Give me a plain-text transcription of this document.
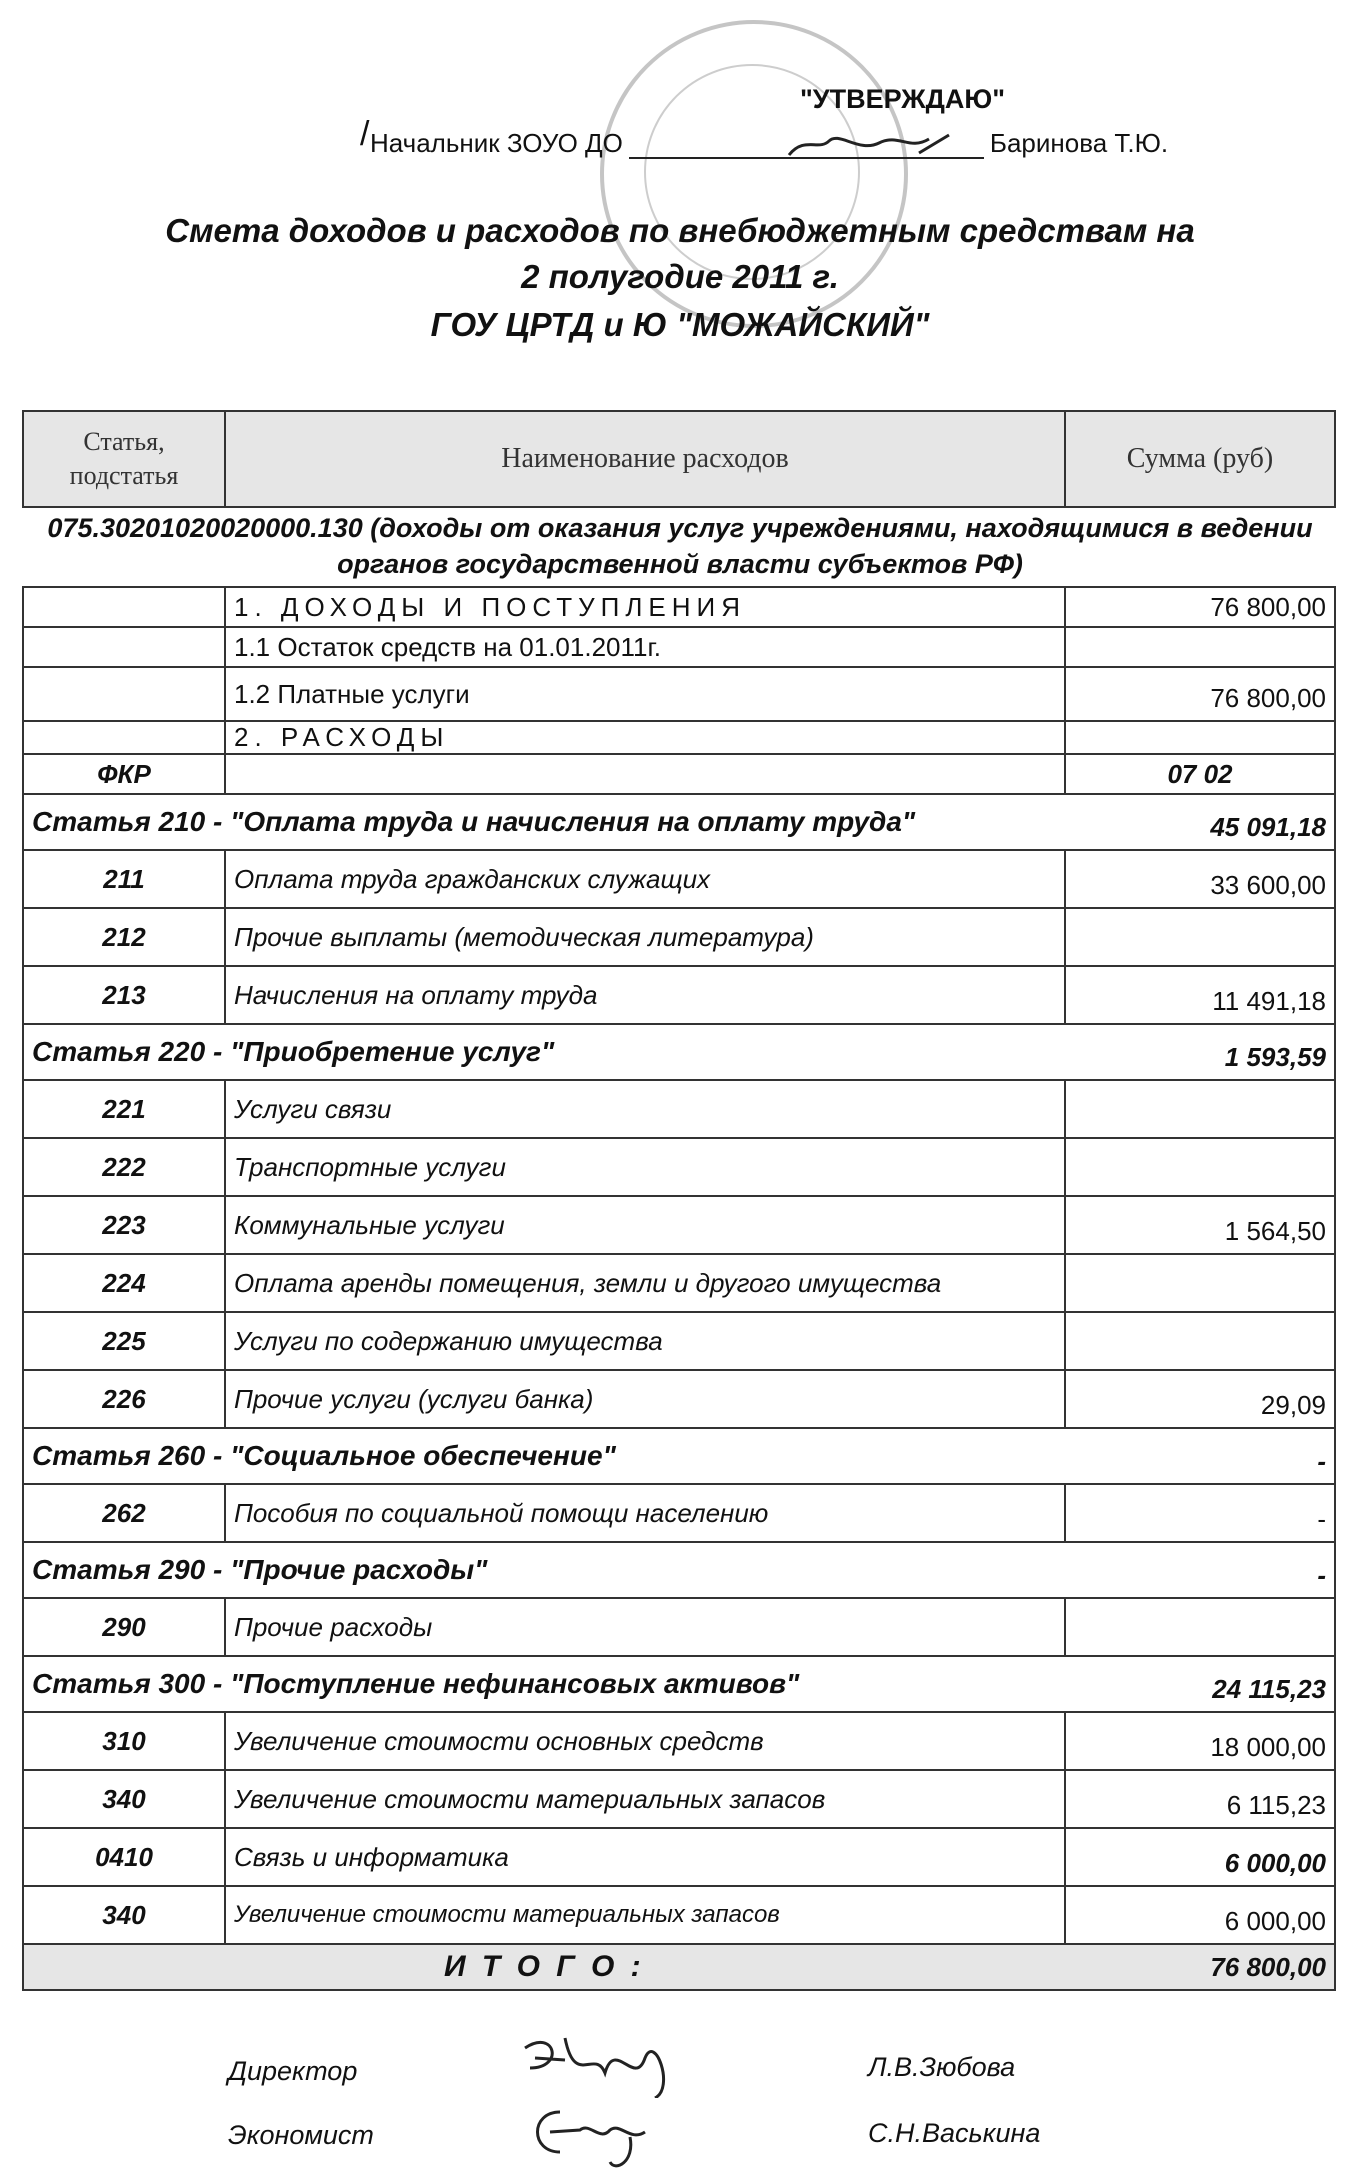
"УТВЕРЖДАЮ"
/ Начальник ЗОУО ДО	Баринова Т.Ю.
Смета доходов и расходов по внебюджетным средствам на
2 полугодие 2011 г.
ГОУ ЦРТД и Ю "МОЖАЙСКИЙ"
Статья, подстатья	Наименование расходов	Сумма (руб)
075.30201020020000.130 (доходы от оказания услуг учреждениями, находящимися в ведении органов государственной власти субъектов РФ)
	1. ДОХОДЫ И ПОСТУПЛЕНИЯ	76 800,00
	1.1 Остаток средств на 01.01.2011г.	
	1.2 Платные услуги	76 800,00
	2. РАСХОДЫ	
ФКР		07 02
Статья 210 - "Оплата труда и начисления на оплату труда"		45 091,18
211	Оплата труда гражданских служащих	33 600,00
212	Прочие выплаты (методическая литература)	
213	Начисления на оплату труда	11 491,18
Статья 220 - "Приобретение услуг"		1 593,59
221	Услуги связи	
222	Транспортные услуги	
223	Коммунальные услуги	1 564,50
224	Оплата аренды помещения, земли и другого имущества	
225	Услуги по содержанию имущества	
226	Прочие услуги (услуги банка)	29,09
Статья 260 - "Социальное обеспечение"		-
262	Пособия по социальной помощи населению	-
Статья 290 - "Прочие расходы"		-
290	Прочие расходы	
Статья 300 - "Поступление нефинансовых активов"		24 115,23
310	Увеличение стоимости основных средств	18 000,00
340	Увеличение стоимости материальных запасов	6 115,23
0410	Связь и информатика	6 000,00
340	Увеличение стоимости материальных запасов	6 000,00
И Т О Г О :		76 800,00
Директор	Л.В.Зюбова
Экономист	С.Н.Васькина
